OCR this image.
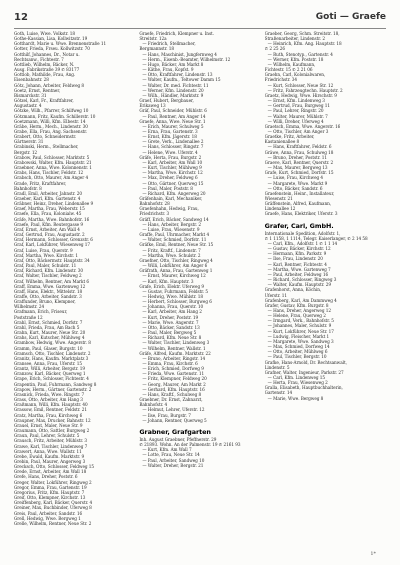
12	Goti — Graefe
Goth, Luise, Wwe. Volkstr. 18
Gothe-Kassian, Lisa, Kollwitzstr. 19
Gotthardt, Marie u. Wwe. Brennenstraße 11
Gotter, Frieda, Frseu. Kollwitzstr. 70
Gotthilf, Johannes, Dr., Notar u.
Rechtsanw., Fichtestr. 7
Gottlieb, Wilhelm, Bäcker, N.
Ausg. Fabrikstraße 39 ✆ 83177
Gottlob, Mathilde, Frau, Ang.
Eisenbahnstr. 28
Götz, Johann, Arbeiter, Feldweg 8
Goetz, Ernst, Rentner,
Bismarckstr. 31
Götzel, Karl, Fr., Kraftfahrer,
Augustastr. 4
Götzke, Wilh., Pfarrer, Schilfweg 10
Götzmann, Fritz, Kaufm. Schillerstr. 10
Goetzmann, Willi, Kfm. Elbestr. 14
Gräbe, Herm., Mech., Lindenstr. 30
Grabe, Ella, Frau, Ang. Sachsenstr.
Grabert, Otto, Schneidermstr.
Gärtnerstr. 31
Grabinski, Herm., Stellmacher,
Bergstr. 12
Grabow, Paul, Schlosser, Marktstr. 5
Grabowski, Walter, Kfm. Hauptstr. 21
Graebner, Anna, Wwe. Kolonnenstr. 1
Grabs, Hans, Tischler, Feldstr. 12
Grabsch, Otto, Maurer, Am Anger 4
Grade, Fritz, Kraftfahrer,
Bahnhofstr. 8
Gradl, Emil, Arbeiter, Jahnstr. 20
Graeber, Karl, Kfm. Gartenstr. 4
Gräbner, Heinz, Dreher, Lindenallee 9
Graef, Martha, Frau, Weberstr. 15
Graefe, Ella, Frau, Kolonialw. 45
Gräfe, Martha, Wwe. Bahnhofstr. 16
Graefe, Paul, Kfm. Reutergasse 9
Graf, Ernst, Arbeiter, Am Wall 4
Graf, Gertrud, Frau, Augustastr. 2
Graf, Hermann, Schlosser, Grenzstr. 6
Graf, Karl, Lokführer, Wiesenweg 17
Graf, Luise, Frau, Querstr. 9
Graf, Martha, Wwe. Kirchstr. 1
Graf, Otto, Bäckermstr. Hauptstr. 34
Graf, Paul, Maler, Schulstr. 11
Graf, Richard, Kfm. Lindenstr. 30
Graf, Walter, Tischler, Feldweg 2
Graf, Wilhelm, Rentner, Am Markt 6
Graff, Emma, Wwe. Gartenweg 12
Graff, Hans, Elektr., Mittelstr. 18
Graffe, Otto, Arbeiter, Sandstr. 3
Graffunder, Bruno, Klempner,
Wilhelmstr. 24
Grafmann, Erich, Friseur,
Poststraße 12
Grahl, Ernst, Schmied, Dorfstr. 7
Grahl, Frieda, Frau, Am Bach 5
Grahn, Kurt, Maurer, Neue Str. 20
Grahs, Karl, Kutscher, Mühlweg 4
Grambow, Hedwig, Wwe. Angerstr. 8
Gramm, Paul, Glaser, Burgstr. 10
Gramsch, Otto, Tischler, Lindenstr. 2
Granitz, Hans, Kaufm. Marktplatz 3
Gransee, Anna, Frau, Uferstr. 15
Grantz, Willi, Arbeiter, Bergstr. 19
Granzow, Karl, Bäcker, Querweg 1
Grape, Erich, Schlosser, Fichtestr. 4
Grapentin, Paul, Fuhrmann, Sandweg 8
Grapow, Herm., Gärtner, Gartenstr. 2
Grasnick, Frieda, Wwe. Ringstr. 7
Grass, Otto, Arbeiter, Am Hang 3
Graßmann, Willi, Kfm. Hauptstr. 40
Grassow, Emil, Rentner, Feldstr. 21
Gratz, Martha, Frau, Kirchweg 6
Graupner, Max, Drucker, Bahnstr. 12
Grauel, Ernst, Maler, Neue Str. 9
Graumann, Otto, Sattler, Burgweg 2
Graun, Paul, Lehrer, Schulstr. 5
Grausch, Fritz, Arbeiter, Mühlstr. 3
Grawe, Karl, Tischler, Lindenweg 7
Grawert, Anna, Wwe. Wallstr. 11
Grebe, Ewald, Kaufm. Marktstr. 9
Grebin, Paul, Maurer, Angerweg 3
Grecksch, Otto, Schlosser, Feldweg 15
Grede, Ernst, Arbeiter, Am Wall 18
Grefe, Hans, Dreher, Poststr. 6
Greger, Walter, Lokführer, Ringweg 2
Gregor, Emma, Frau, Gartenstr. 19
Gregorius, Fritz, Kfm. Hauptstr. 7
Greif, Otto, Klempner, Kirchstr. 13
Greiffenberg, Karl, Bäcker, Querstr. 4
Greiner, Max, Buchbinder, Uferweg 8
Greis, Paul, Arbeiter, Sandstr. 16
Grell, Hedwig, Wwe. Bergweg 1
Grelle, Wilhelm, Rentner, Neue Str. 2
Graefe, Friedrich, Klempner u. Inst.
Streitstr. 12a
— Friedrich, Stellmacher,
Bergmannstr. 18
— Hans, Maschinist, Jungfernweg 4
— Herm., Eisenb.-Beamter, Wilhelmstr. 12
— Hugo, Bäcker, Am Markt 8
— Käthe, Frau, Kopfst. 9
— Otto, Kraftfahrer, Lindenstr. 13
— Walter, Kaufm., Teltower Damm 15
— Walter, Dr. med. Fichtestr. 11
— Werner, Kfm. Lindenstr. 20
— Wilh., Händler, Marktstr. 9
Graef, Hubert, Bergbauer,
Erikaweg 13
Gräf, Paul, Schneider, Mühlstr. 6
— Paul, Rentner, Am Anger 14
Graefe, Anna, Wwe. Neue Str. 1
— Erich, Maurer, Schulweg 5
— Erna, Frau, Gartenstr. 3
— Ernst, Kfm. Jägerstr. 18
— Grete, Verk., Lindenallee 2
— Hans, Schlosser, Ringstr. 7
— Helene, Wwe. Uferstr. 4
Gräfe, Herta, Frau, Burgstr. 2
— Karl, Arbeiter, Am Wall 10
— Kurt, Tischler, Mühlweg 9
— Martha, Wwe. Kirchstr. 12
— Max, Dreher, Feldweg 6
— Otto, Gärtner, Querweg 15
— Paul, Maler, Poststr. 8
— Richard, Kfm. Angerweg 20
Gräfenhain, Karl, Mechaniker,
Bahnhofstr. 28
Graefenhahn, Hedwig, Frau,
Friedrichstr. 3
Gräff, Erich, Bäcker, Sandweg 14
— Hans, Arbeiter, Bergstr. 2
— Luise, Frau, Wiesenstr. 9
Graffe, Paul, Uhrmacher, Markt 4
— Walter, Schmied, Dorfstr. 11
Gräfke, Emil, Rentner, Neue Str. 15
— Fritz, Kraftf., Lindenstr. 7
— Martha, Wwe. Schulstr. 2
Graefner, Otto, Tischler, Ringweg 4
— Willi, Lokführer, Am Anger 6
Gräfrath, Anna, Frau, Gartenweg 1
— Ernst, Maurer, Kirchweg 12
— Karl, Kfm. Hauptstr. 3
Grafe, Erich, Elektr. Uferweg 9
— Gustav, Fuhrmann, Feldstr. 5
— Hedwig, Wwe. Mühlstr. 18
— Herbert, Schlosser, Burgweg 6
— Johanna, Frau, Querstr. 10
— Karl, Arbeiter, Am Hang 2
— Kurt, Dreher, Poststr. 19
— Marie, Wwe. Angerstr. 7
— Otto, Bäcker, Sandstr. 13
— Paul, Maler, Bergweg 5
— Richard, Kfm. Neue Str. 8
— Walter, Tischler, Lindenweg 3
— Wilhelm, Rentner, Wallstr. 1
Gräfe, Alfred, Kaufm. Marktstr. 22
— Bruno, Arbeiter, Ringstr. 14
— Emma, Frau, Kirchstr. 6
— Erich, Schmied, Dorfweg 9
— Frieda, Wwe. Gartenstr. 11
— Fritz, Klempner, Feldweg 20
— Georg, Maurer, Am Markt 2
— Gerhard, Kfm. Hauptstr. 16
— Hans, Kraftf., Schulweg 8
Graebner, Dr. Ernst, Zahnarzt,
Bahnhofstr. 4
— Helmut, Lehrer, Uferstr. 12
— Ilse, Frau, Burgstr. 7
— Johann, Rentner, Querweg 5
Grabner, Grafgarten
Inh. August Graebner, Pfeffnerstr. 29
✆ 21893. Wohn. An der Palmenstr. 19 ✆ 2161 93
— Kurt, Kfm. Am Wall 7
— Lotte, Frau, Neue Str. 14
— Paul, Arbeiter, Sandweg 10
— Walter, Dreher, Bergstr. 21
Graeber, Georg, Schm. Streitstr. 18,
Straßenarbeiter, Lindenstr. 2
— Heinrich, Kfm. Ang. Hauptstr. 18
✆ 2 25 26
— Ruth, Stenotyp., Gartenstr. 4
— Werner, Kfm. Poststr. 18
— Wilhelm, Kaufmann,
Fichtestr. 15 ✆ 2 21 06
Graehn, Carl, Kolonialwaren,
Friedrichstr. 34
— Kurt, Schlosser, Neue Str. 12
— Fritz, Fahrzeugtechn. Hauptstr. 2
Graetz, Hedwig, Wwe. Hirschstr. 9
— Ernst, Kfm. Lindenweg 3
— Gertrud, Frau, Burgweg 11
— Paul, Lehrer, Ringstr. 20
— Walter, Maurer, Mühlstr. 7
— Willi, Dreher, Uferweg 4
Graetsch, Emma, Wwe. Angerstr. 16
— Otto, Tischler, Am Anger 3
Graetke, Fritz, Arbeiter,
Kastanienallee 8
— Hans, Kraftfahrer, Feldstr. 6
Gräwe, Anna, Frau, Schulweg 18
— Bruno, Dreher, Poststr. 11
Graeve, Karl, Rentner, Querstr. 2
— Max, Maurer, Bergweg 13
Grafe, Kurt, Schmied, Dorfstr. 15
— Luise, Frau, Kirchweg 4
— Margarete, Wwe. Markt 9
— Otto, Bäcker, Sandstr. 6
Graefenstein, Heinr., Installateur,
Wiesenstr. 21
Gräffenstein, Alfred, Kaufmann,
Lindenallee 12
Graefe, Hans, Elektriker, Uferstr. 3
Grafer, Carl, GmbH.
Internationale Spedition, Adolfstr. 1,
✆ 1 1158, 1 1114, Telegr. Kaiserlanger, ✆ 2 14 58
— Carl, Kfm., Adolfstr. 1 ✆ 1 1 14
— Gustav, Bäcker, Kirchstr. 12
— Hermann, Kfm. Parkstr. 9
— Ilse, Frau, Lindenstr. 20
— Karl, Rentner, Fichtestr. 4
— Martha, Wwe. Gartenweg 7
— Paul, Arbeiter, Feldweg 16
— Richard, Schlosser, Ringweg 3
— Walter, Kaufm. Hauptstr. 29
Grafenhorst, Anna, Köchin,
Uferstr. 11
Grafenberg, Karl, Am Dammweg 4
Grafer, Gustav, Kfm. Burgstr. 8
— Hans, Dreher, Angerweg 12
— Helene, Frau, Querweg 2
— Irmgard, Verk., Bahnhofstr. 5
— Johannes, Maler, Schulstr. 9
— Kurt, Lokführer, Neue Str. 17
— Ludwig, Fleischer, Markt 1
— Margarete, Wwe. Sandweg 3
— Max, Schmied, Dorfweg 14
— Otto, Arbeiter, Mühlweg 6
— Paul, Tischler, Bergstr. 10
Grafke, Hans-Arnold, Dr. Rechtsanwalt,
Lindenstr. 5
Grafner, Walter, Ingenieur, Parkstr. 27
— Carl, Kfm. Lindenweg 15
— Herta, Frau, Wiesenweg 2
Gralla, Elisabeth, Hauptbuchhalterin,
Gartenstr. 14
— Marie, Wwe. Bergweg 8
1*
